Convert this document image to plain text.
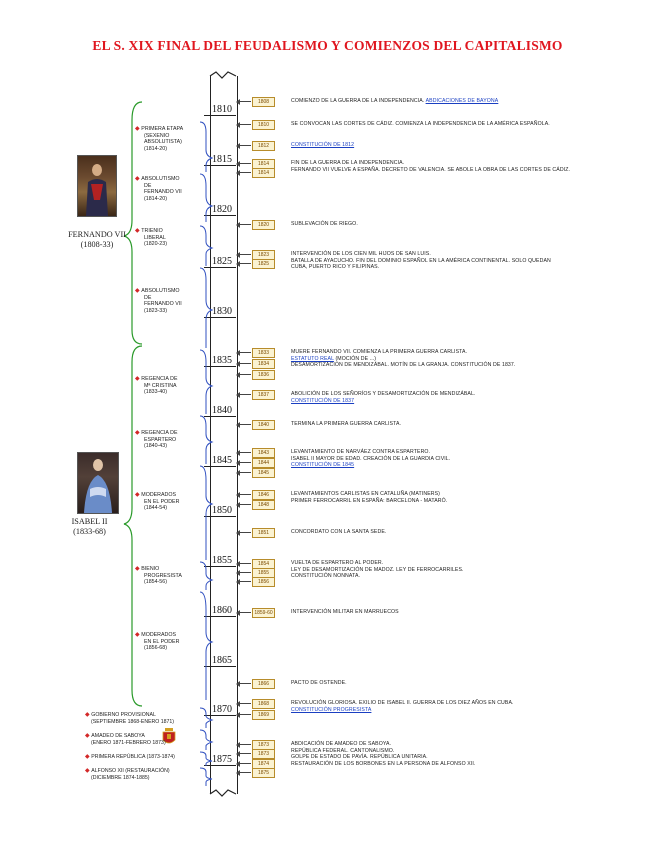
EL S. XIX FINAL DEL FEUDALISMO Y COMIENZOS DEL CAPITALISMO
1810
1815
1820
1825
1830
1835
1840
1845
1850
1855
1860
1865
1870
1875
1808
1810
1812
1814
1814
1820
1823
1825
1833
1834
1836
1837
1840
1843
1844
1845
1846
1848
1851
1854
1855
1856
1859-60
1866
1868
1869
1873
1873
1874
1875
COMIENZO DE LA GUERRA DE LA INDEPENDENCIA. ABDICACIONES DE BAYONA
SE CONVOCAN LAS CORTES DE CÁDIZ. COMIENZA LA INDEPENDENCIA DE LA AMÉRICA ESPAÑOLA.
CONSTITUCIÓN DE 1812
FIN DE LA GUERRA DE LA INDEPENDENCIA.
FERNANDO VII VUELVE A ESPAÑA. DECRETO DE VALENCIA. SE ABOLE LA OBRA DE LAS CORTES DE CÁDIZ.
SUBLEVACIÓN DE RIEGO.
INTERVENCIÓN DE LOS CIEN MIL HIJOS DE SAN LUIS.
BATALLA DE AYACUCHO. FIN DEL DOMINIO ESPAÑOL EN LA AMÉRICA CONTINENTAL. SOLO QUEDAN
CUBA, PUERTO RICO Y FILIPINAS.
MUERE FERNANDO VII. COMIENZA LA PRIMERA GUERRA CARLISTA.
ESTATUTO REAL (MOCIÓN DE ...)
DESAMORTIZACIÓN DE MENDIZÁBAL. MOTÍN DE LA GRANJA. CONSTITUCIÓN DE 1837.
ABOLICIÓN DE LOS SEÑORÍOS Y DESAMORTIZACIÓN DE MENDIZÁBAL.
CONSTITUCIÓN DE 1837
TERMINA LA PRIMERA GUERRA CARLISTA.
LEVANTAMIENTO DE NARVÁEZ CONTRA ESPARTERO.
ISABEL II MAYOR DE EDAD. CREACIÓN DE LA GUARDIA CIVIL.
CONSTITUCIÓN DE 1845
LEVANTAMIENTOS CARLISTAS EN CATALUÑA (MATINERS)
PRIMER FERROCARRIL EN ESPAÑA: BARCELONA - MATARÓ.
CONCORDATO CON LA SANTA SEDE.
VUELTA DE ESPARTERO AL PODER.
LEY DE DESAMORTIZACIÓN DE MADOZ. LEY DE FERROCARRILES.
CONSTITUCIÓN NONNATA.
INTERVENCIÓN MILITAR EN MARRUECOS
PACTO DE OSTENDE.
REVOLUCIÓN GLORIOSA. EXILIO DE ISABEL II. GUERRA DE LOS DIEZ AÑOS EN CUBA.
CONSTITUCIÓN PROGRESISTA
ABDICACIÓN DE AMADEO DE SABOYA.
REPÚBLICA FEDERAL. CANTONALISMO.
GOLPE DE ESTADO DE PAVÍA. REPÚBLICA UNITARIA.
RESTAURACIÓN DE LOS BORBONES EN LA PERSONA DE ALFONSO XII.
◆ PRIMERA ETAPA
(SEXENIO
ABSOLUTISTA)
(1814-20)
◆ ABSOLUTISMO
DE
FERNANDO VII
(1814-20)
◆ TRIENIO
LIBERAL
(1820-23)
◆ ABSOLUTISMO
DE
FERNANDO VII
(1823-33)
◆ REGENCIA DE
Mª CRISTINA
(1833-40)
◆ REGENCIA DE
ESPARTERO
(1840-43)
◆ MODERADOS
EN EL PODER
(1844-54)
◆ BIENIO
PROGRESISTA
(1854-56)
◆ MODERADOS
EN EL PODER
(1856-68)
FERNANDO VII
(1808-33)
ISABEL II
(1833-68)
◆ GOBIERNO PROVISIONAL
(SEPTIEMBRE 1868-ENERO 1871)
◆ AMADEO DE SABOYA
(ENERO 1871-FEBRERO 1873)
◆ PRIMERA REPÚBLICA (1873-1874)
◆ ALFONSO XII (RESTAURACIÓN)
(DICIEMBRE 1874-1885)
